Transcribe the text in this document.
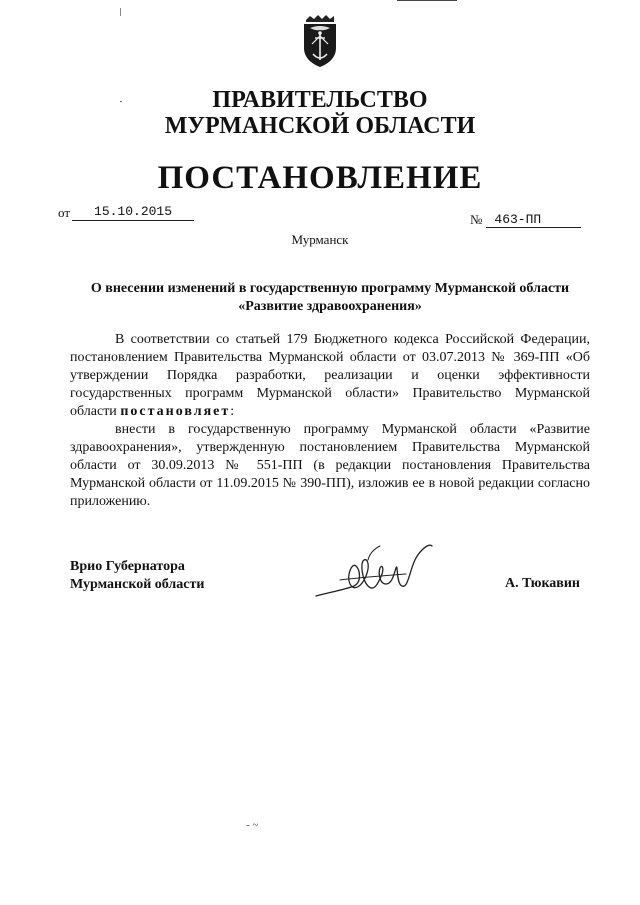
ПРАВИТЕЛЬСТВО
МУРМАНСКОЙ ОБЛАСТИ
ПОСТАНОВЛЕНИЕ
от	15.10.2015
№ 463-ПП
Мурманск
О внесении изменений в государственную программу Мурманской области
«Развитие здравоохранения»
В соответствии со статьей 179 Бюджетного кодекса Российской Федерации, постановлением Правительства Мурманской области от 03.07.2013 № 369-ПП «Об утверждении Порядка разработки, реализации и оценки эффективности государственных программ Мурманской области» Правительство Мурманской области постановляет:
внести в государственную программу Мурманской области «Развитие здравоохранения», утвержденную постановлением Правительства Мурманской области от 30.09.2013 № 551-ПП (в редакции постановления Правительства Мурманской области от 11.09.2015 № 390-ПП), изложив ее в новой редакции согласно приложению.
Врио Губернатора
Мурманской области	А. Тюкавин
- ~
